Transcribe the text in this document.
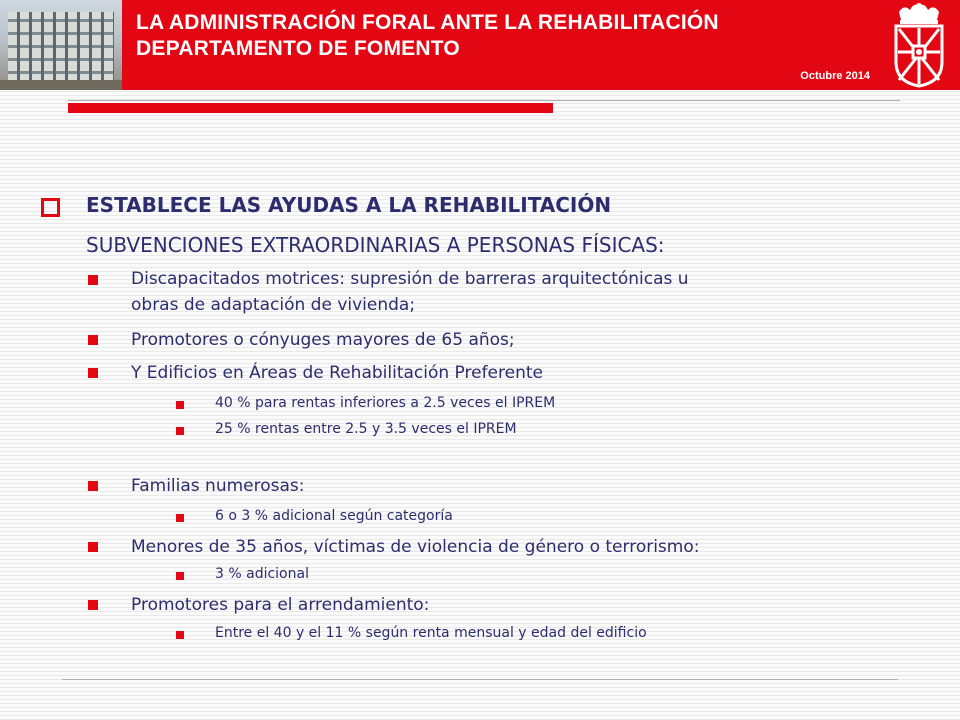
LA ADMINISTRACIÓN FORAL ANTE LA REHABILITACIÓN
DEPARTAMENTO DE FOMENTO
Octubre 2014
ESTABLECE LAS AYUDAS A LA REHABILITACIÓN
SUBVENCIONES EXTRAORDINARIAS A PERSONAS FÍSICAS:
Discapacitados motrices: supresión de barreras arquitectónicas u
obras de adaptación de vivienda;
Promotores o cónyuges mayores de 65 años;
Y Edificios en Áreas de Rehabilitación Preferente
40 % para rentas inferiores a 2.5 veces el IPREM
25 % rentas entre 2.5 y 3.5 veces el IPREM
Familias numerosas:
6 o 3 % adicional según categoría
Menores de 35 años, víctimas de violencia de género o terrorismo:
3 % adicional
Promotores para el arrendamiento:
Entre el 40 y el 11 % según renta mensual y edad del edificio
